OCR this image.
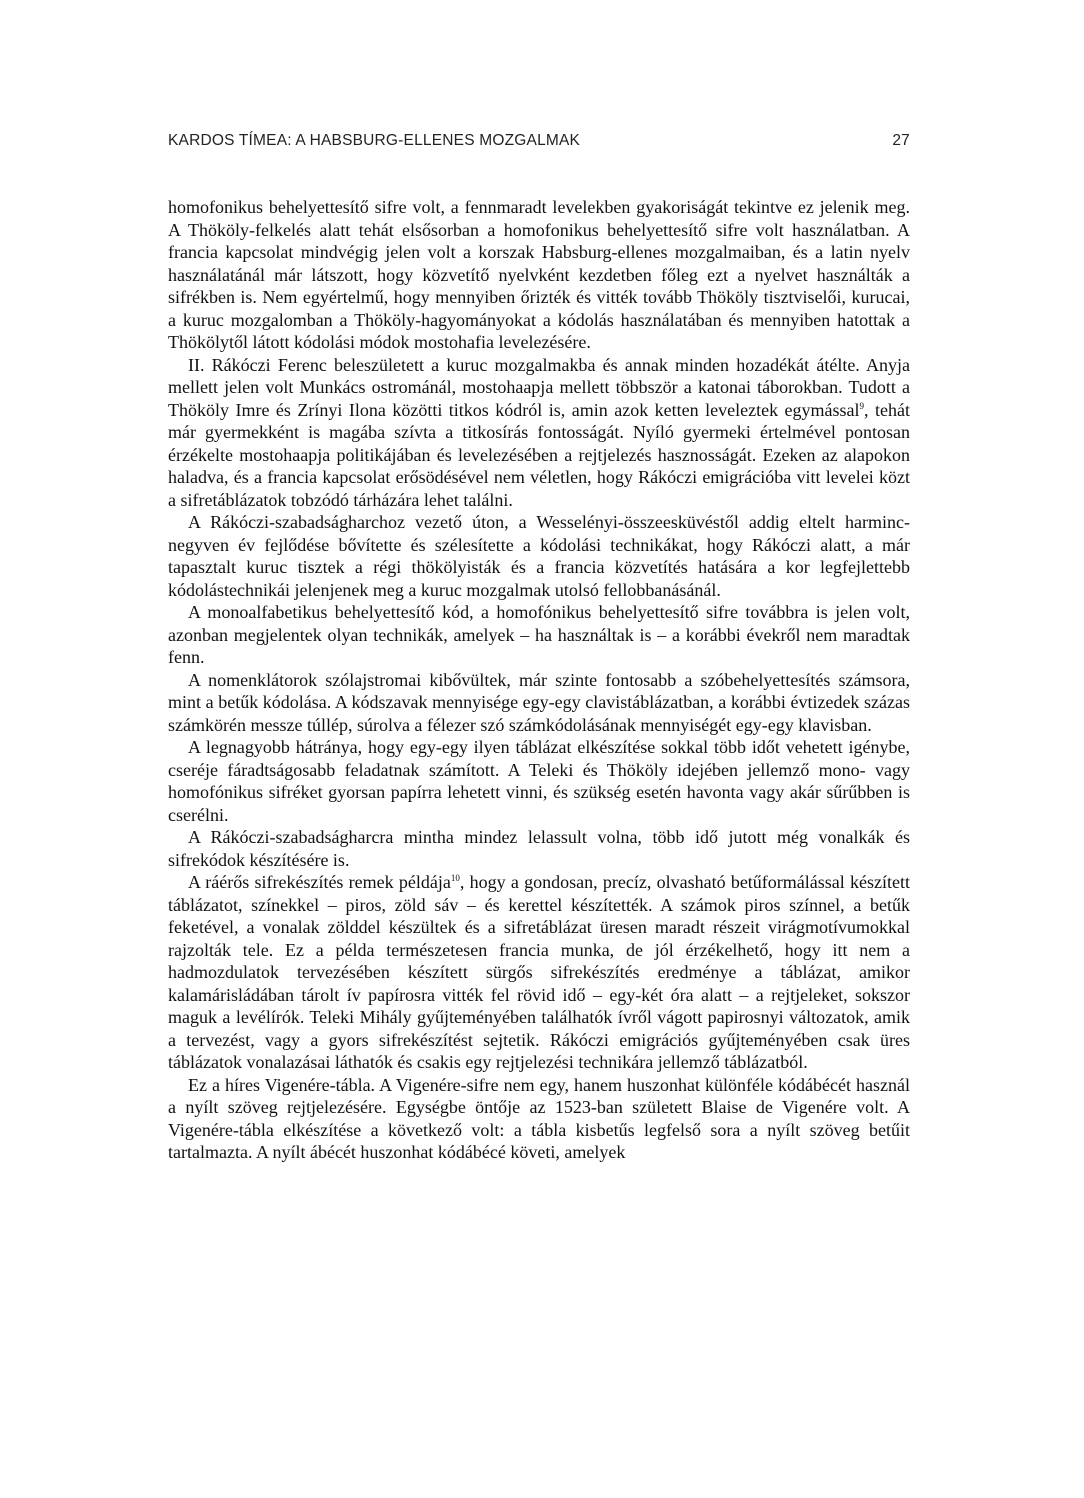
KARDOS TÍMEA: A HABSBURG-ELLENES MOZGALMAK	27

homofonikus behelyettesítő sifre volt, a fennmaradt levelekben gyakoriságát tekintve ez jelenik meg. A Thököly-felkelés alatt tehát elsősorban a homofonikus behelyettesítő sifre volt használatban. A francia kapcsolat mindvégig jelen volt a korszak Habsburg-ellenes mozgalmaiban, és a latin nyelv használatánál már látszott, hogy közvetítő nyelvként kezdetben főleg ezt a nyelvet használták a sifrékben is. Nem egyértelmű, hogy mennyiben őrizték és vitték tovább Thököly tisztviselői, kurucai, a kuruc mozgalomban a Thököly-hagyományokat a kódolás használatában és mennyiben hatottak a Thökölytől látott kódolási módok mostohafia levelezésére.

II. Rákóczi Ferenc beleszületett a kuruc mozgalmakba és annak minden hozadékát átélte. Anyja mellett jelen volt Munkács ostrománál, mostohaapja mellett többször a katonai táborokban. Tudott a Thököly Imre és Zrínyi Ilona közötti titkos kódról is, amin azok ketten leveleztek egymással$^9$, tehát már gyermekként is magába szívta a titkosírás fontosságát. Nyíló gyermeki értelmével pontosan érzékelte mostohaapja politikájában és levelezésében a rejtjelezés hasznosságát. Ezeken az alapokon haladva, és a francia kapcsolat erősödésével nem véletlen, hogy Rákóczi emigrációba vitt levelei közt a sifretáblázatok tobzódó tárházára lehet találni.

A Rákóczi-szabadságharchoz vezető úton, a Wesselényi-összeesküvéstől addig eltelt harminc-negyven év fejlődése bővítette és szélesítette a kódolási technikákat, hogy Rákóczi alatt, a már tapasztalt kuruc tisztek a régi thökölyisták és a francia közvetítés hatására a kor legfejlettebb kódolástechnikái jelenjenek meg a kuruc mozgalmak utolsó fellobbanásánál.

A monoalfabetikus behelyettesítő kód, a homofónikus behelyettesítő sifre továbbra is jelen volt, azonban megjelentek olyan technikák, amelyek – ha használtak is – a korábbi évekről nem maradtak fenn.

A nomenklátorok szólajstromai kibővültek, már szinte fontosabb a szóbehelyettesítés számsora, mint a betűk kódolása. A kódszavak mennyisége egy-egy clavistáblázatban, a korábbi évtizedek százas számkörén messze túllép, súrolva a félezer szó számkódolásának mennyiségét egy-egy klavisban.

A legnagyobb hátránya, hogy egy-egy ilyen táblázat elkészítése sokkal több időt vehetett igénybe, cseréje fáradtságosabb feladatnak számított. A Teleki és Thököly idejében jellemző mono- vagy homofónikus sifréket gyorsan papírra lehetett vinni, és szükség esetén havonta vagy akár sűrűbben is cserélni.

A Rákóczi-szabadságharcra mintha mindez lelassult volna, több idő jutott még vonalkák és sifrekódok készítésére is.

A ráérős sifrekészítés remek példája$^{10}$, hogy a gondosan, precíz, olvasható betűformálással készített táblázatot, színekkel – piros, zöld sáv – és kerettel készítették. A számok piros színnel, a betűk feketével, a vonalak zölddel készültek és a sifretáblázat üresen maradt részeit virágmotívumokkal rajzolták tele. Ez a példa természetesen francia munka, de jól érzékelhető, hogy itt nem a hadmozdulatok tervezésében készített sürgős sifrekészítés eredménye a táblázat, amikor kalamárisládában tárolt ív papírosra vitték fel rövid idő – egy-két óra alatt – a rejtjeleket, sokszor maguk a levélírók. Teleki Mihály gyűjteményében találhatók ívről vágott papirosnyi változatok, amik a tervezést, vagy a gyors sifrekészítést sejtetik. Rákóczi emigrációs gyűjteményében csak üres táblázatok vonalazásai láthatók és csakis egy rejtjelezési technikára jellemző táblázatból.

Ez a híres Vigenére-tábla. A Vigenére-sifre nem egy, hanem huszonhat különféle kódábécét használ a nyílt szöveg rejtjelezésére. Egységbe öntője az 1523-ban született Blaise de Vigenére volt. A Vigenére-tábla elkészítése a következő volt: a tábla kisbetűs legfelső sora a nyílt szöveg betűit tartalmazta. A nyílt ábécét huszonhat kódábécé követi, amelyek
